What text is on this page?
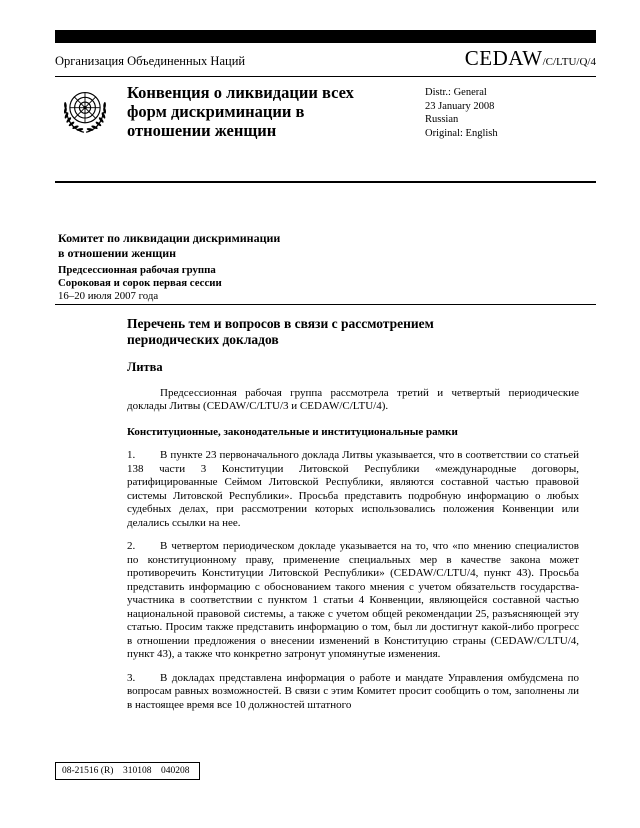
Организация Объединенных Наций	CEDAW/C/LTU/Q/4
Конвенция о ликвидации всех
форм дискриминации в
отношении женщин
Distr.: General
23 January 2008
Russian
Original: English
Комитет по ликвидации дискриминации
в отношении женщин
Предсессионная рабочая группа
Сороковая и сорок первая сессии
16–20 июля 2007 года
Перечень тем и вопросов в связи с рассмотрением
периодических докладов
Литва

Предсессионная рабочая группа рассмотрела третий и четвертый периодические доклады Литвы (CEDAW/C/LTU/3 и CEDAW/C/LTU/4).

Конституционные, законодательные и институциональные рамки

1. В пункте 23 первоначального доклада Литвы указывается, что в соответствии со статьей 138 части 3 Конституции Литовской Республики «международные договоры, ратифицированные Сеймом Литовской Республики, являются составной частью правовой системы Литовской Республики». Просьба представить подробную информацию о любых судебных делах, при рассмотрении которых использовались положения Конвенции или делались ссылки на нее.

2. В четвертом периодическом докладе указывается на то, что «по мнению специалистов по конституционному праву, применение специальных мер в качестве закона может противоречить Конституции Литовской Республики» (CEDAW/C/LTU/4, пункт 43). Просьба представить информацию с обоснованием такого мнения с учетом обязательств государства-участника в соответствии с пунктом 1 статьи 4 Конвенции, являющейся составной частью национальной правовой системы, а также с учетом общей рекомендации 25, разъясняющей эту статью. Просим также представить информацию о том, был ли достигнут какой-либо прогресс в отношении предложения о внесении изменений в Конституцию страны (CEDAW/C/LTU/4, пункт 43), а также что конкретно затронут упомянутые изменения.

3. В докладах представлена информация о работе и мандате Управления омбудсмена по вопросам равных возможностей. В связи с этим Комитет просит сообщить о том, заполнены ли в настоящее время все 10 должностей штатного

08-21516 (R)    310108    040208
